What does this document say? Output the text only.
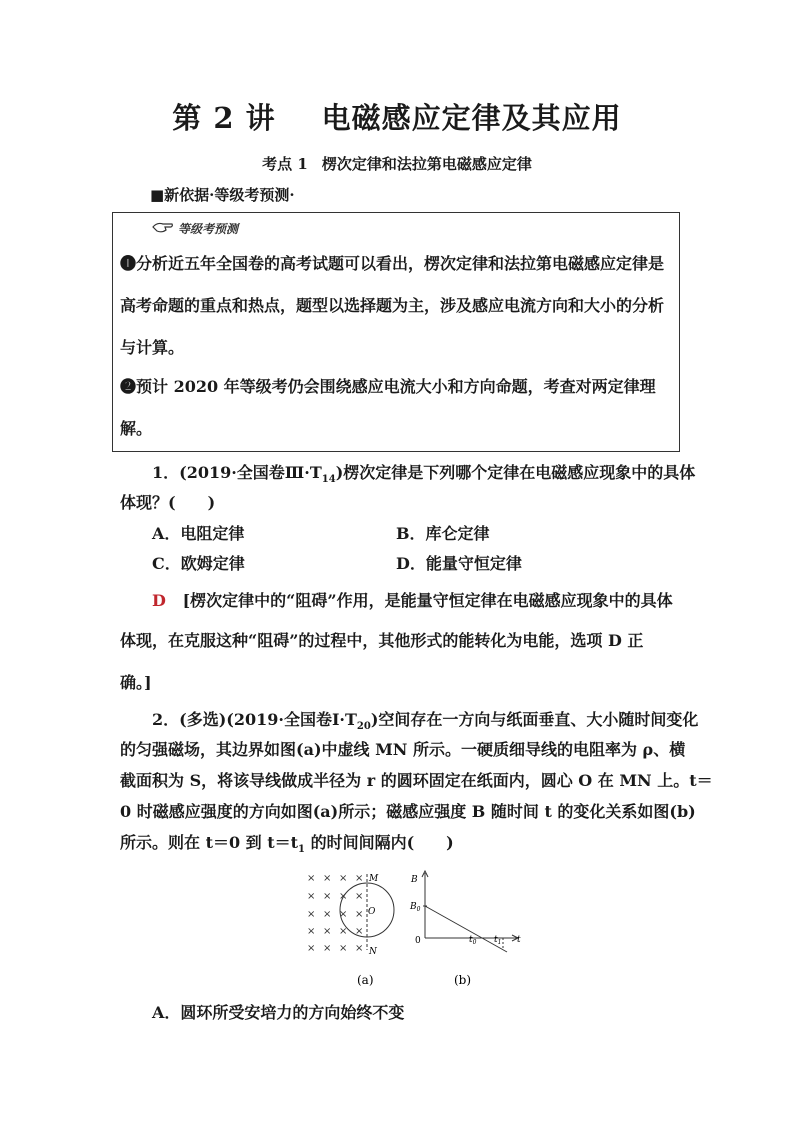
第 2 讲 电磁感应定律及其应用
考点 1 楞次定律和法拉第电磁感应定律
■新依据·等级考预测·
等级考预测
❶分析近五年全国卷的高考试题可以看出，楞次定律和法拉第电磁感应定律是高考命题的重点和热点，题型以选择题为主，涉及感应电流方向和大小的分析与计算。
❷预计 2020 年等级考仍会围绕感应电流大小和方向命题，考查对两定律理解。
1．(2019·全国卷$Ⅲ\cdot T_{14}$)楞次定律是下列哪个定律在电磁感应现象中的具体
体现？(　　)
A．电阻定律	B．库仑定律
C．欧姆定律	D．能量守恒定律
D [楞次定律中的“阻碍”作用，是能量守恒定律在电磁感应现象中的具体
体现，在克服这种“阻碍”的过程中，其他形式的能转化为电能，选项 D 正
确。]
2．(多选)(2019·全国卷$Ⅰ\cdot T_{20}$)空间存在一方向与纸面垂直、大小随时间变化
的匀强磁场，其边界如图(a)中虚线 MN 所示。一硬质细导线的电阻率为 ρ、横
截面积为 S，将该导线做成半径为 r 的圆环固定在纸面内，圆心 O 在 MN 上。t＝
0 时磁感应强度的方向如图(a)所示；磁感应强度 B 随时间 t 的变化关系如图(b)
所示。则在 t＝0 到 $t=t_1$ 的时间间隔内(　　)
× × × ×
× × × ×
× × × ×
× × × ×
× × × ×
M
N
O
(a)
B
$B_0$
0	$t_0$ $t_1$ t
(b)
A．圆环所受安培力的方向始终不变
